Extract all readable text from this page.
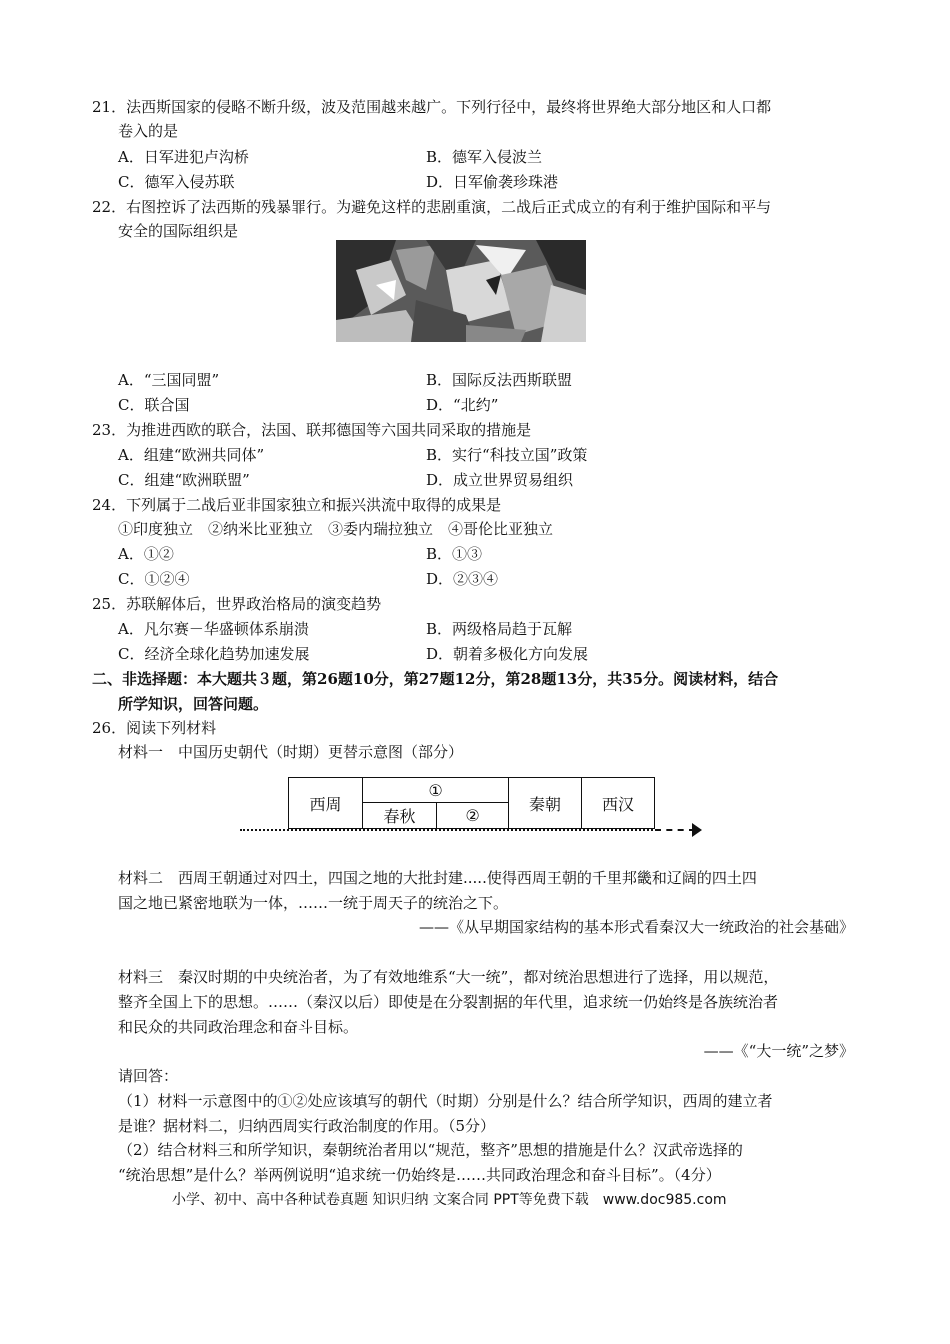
21．法西斯国家的侵略不断升级，波及范围越来越广。下列行径中，最终将世界绝大部分地区和人口都
卷入的是
A．日军进犯卢沟桥	B．德军入侵波兰
C．德军入侵苏联	D．日军偷袭珍珠港
22．右图控诉了法西斯的残暴罪行。为避免这样的悲剧重演，二战后正式成立的有利于维护国际和平与
安全的国际组织是
A．“三国同盟”	B．国际反法西斯联盟
C．联合国	D．“北约”
23．为推进西欧的联合，法国、联邦德国等六国共同采取的措施是
A．组建“欧洲共同体”	B．实行“科技立国”政策
C．组建“欧洲联盟”	D．成立世界贸易组织
24．下列属于二战后亚非国家独立和振兴洪流中取得的成果是
①印度独立　②纳米比亚独立　③委内瑞拉独立　④哥伦比亚独立
A．①②	B．①③
C．①②④	D．②③④
25．苏联解体后，世界政治格局的演变趋势
A．凡尔赛－华盛顿体系崩溃	B．两级格局趋于瓦解
C．经济全球化趋势加速发展	D．朝着多极化方向发展
二、非选择题：本大题共３题，第26题10分，第27题12分，第28题13分，共35分。阅读材料，结合
所学知识，回答问题。
26．阅读下列材料
材料一　中国历史朝代（时期）更替示意图（部分）
西周
①
春秋	②
秦朝	西汉
材料二　西周王朝通过对四土，四国之地的大批封建.....使得西周王朝的千里邦畿和辽阔的四土四
国之地已紧密地联为一体，……一统于周天子的统治之下。
——《从早期国家结构的基本形式看秦汉大一统政治的社会基础》
材料三　秦汉时期的中央统治者，为了有效地维系“大一统”，都对统治思想进行了选择，用以规范，
整齐全国上下的思想。……（秦汉以后）即使是在分裂割据的年代里，追求统一仍始终是各族统治者
和民众的共同政治理念和奋斗目标。
——《“大一统”之梦》
请回答：
（1）材料一示意图中的①②处应该填写的朝代（时期）分别是什么？结合所学知识，西周的建立者
是谁？据材料二，归纳西周实行政治制度的作用。（5分）
（2）结合材料三和所学知识，秦朝统治者用以“规范，整齐”思想的措施是什么？汉武帝选择的
“统治思想”是什么？举两例说明“追求统一仍始终是……共同政治理念和奋斗目标”。（4分）
小学、初中、高中各种试卷真题 知识归纳 文案合同 PPT等免费下载　www.doc985.com
